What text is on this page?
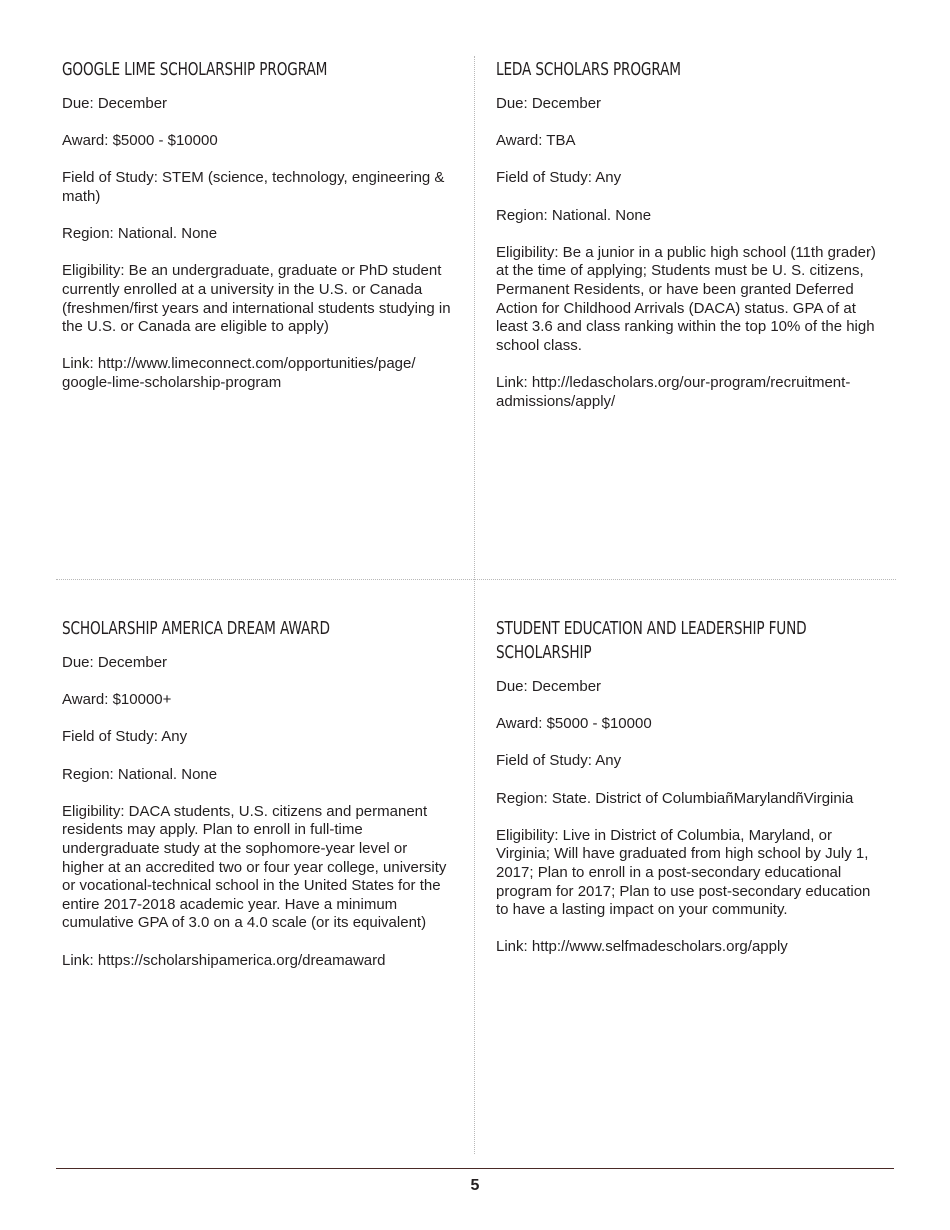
GOOGLE LIME SCHOLARSHIP PROGRAM
Due: December
Award: $5000 - $10000
Field of Study: STEM (science, technology, engineering & math)
Region: National. None
Eligibility: Be an undergraduate, graduate or PhD student currently enrolled at a university in the U.S. or Canada (freshmen/first years and international students studying in the U.S. or Canada are eligible to apply)
Link: http://www.limeconnect.com/opportunities/page/ google-lime-scholarship-program
LEDA SCHOLARS PROGRAM
Due: December
Award: TBA
Field of Study: Any
Region: National. None
Eligibility: Be a junior in a public high school (11th grader) at the time of applying; Students must be U. S. citizens, Permanent Residents, or have been granted Deferred Action for Childhood Arrivals (DACA) status. GPA of at least 3.6 and class ranking within the top 10% of the high school class.
Link: http://ledascholars.org/our-program/recruitment-admissions/apply/
SCHOLARSHIP AMERICA DREAM AWARD
Due: December
Award: $10000+
Field of Study: Any
Region: National. None
Eligibility: DACA students, U.S. citizens and permanent residents may apply. Plan to enroll in full-time undergraduate study at the sophomore-year level or higher at an accredited two or four year college, university or vocational-technical school in the United States for the entire 2017-2018 academic year. Have a minimum cumulative GPA of 3.0 on a 4.0 scale (or its equivalent)
Link: https://scholarshipamerica.org/dreamaward
STUDENT EDUCATION AND LEADERSHIP FUND SCHOLARSHIP
Due: December
Award: $5000 - $10000
Field of Study: Any
Region: State. District of ColumbiañMarylandñVirginia
Eligibility: Live in District of Columbia, Maryland, or Virginia; Will have graduated from high school by July 1, 2017; Plan to enroll in a post-secondary educational program for 2017; Plan to use post-secondary education to have a lasting impact on your community.
Link: http://www.selfmadescholars.org/apply
5
